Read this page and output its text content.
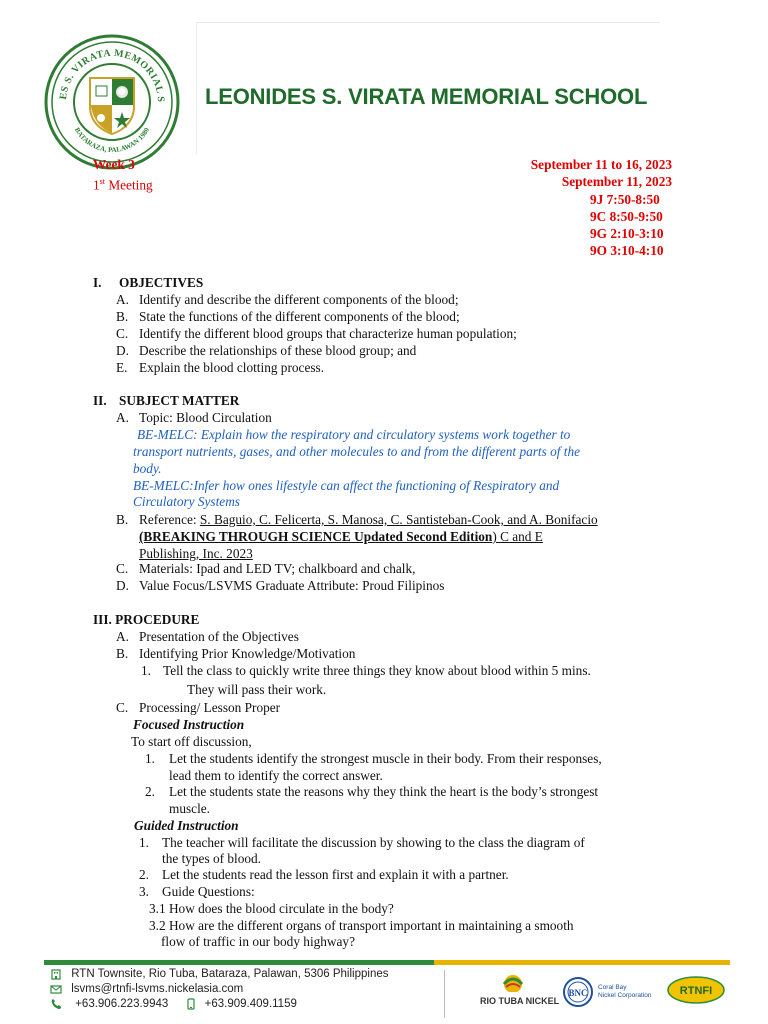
ES S. VIRATA MEMORIAL S
BATARAZA, PALAWAN 1980
LEONIDES S. VIRATA MEMORIAL SCHOOL
Week 3
1st Meeting
September 11 to 16, 2023
September 11, 2023
9J 7:50-8:50
9C 8:50-9:50
9G 2:10-3:10
9O 3:10-4:10
I. OBJECTIVES
A. Identify and describe the different components of the blood;
B. State the functions of the different components of the blood;
C. Identify the different blood groups that characterize human population;
D. Describe the relationships of these blood group; and
E. Explain the blood clotting process.
II. SUBJECT MATTER
A. Topic: Blood Circulation
BE-MELC: Explain how the respiratory and circulatory systems work together to
transport nutrients, gases, and other molecules to and from the different parts of the
body.
BE-MELC:Infer how ones lifestyle can affect the functioning of Respiratory and
Circulatory Systems
B. Reference: S. Baguio, C. Felicerta, S. Manosa, C. Santisteban-Cook, and A. Bonifacio
(BREAKING THROUGH SCIENCE Updated Second Edition) C and E
Publishing, Inc. 2023
C. Materials: Ipad and LED TV; chalkboard and chalk,
D. Value Focus/LSVMS Graduate Attribute: Proud Filipinos
III. PROCEDURE
A. Presentation of the Objectives
B. Identifying Prior Knowledge/Motivation
1. Tell the class to quickly write three things they know about blood within 5 mins.
They will pass their work.
C. Processing/ Lesson Proper
Focused Instruction
To start off discussion,
1. Let the students identify the strongest muscle in their body. From their responses,
lead them to identify the correct answer.
2. Let the students state the reasons why they think the heart is the body’s strongest
muscle.
Guided Instruction
1. The teacher will facilitate the discussion by showing to the class the diagram of
the types of blood.
2. Let the students read the lesson first and explain it with a partner.
3. Guide Questions:
3.1 How does the blood circulate in the body?
3.2 How are the different organs of transport important in maintaining a smooth
flow of traffic in our body highway?
RTN Townsite, Rio Tuba, Bataraza, Palawan, 5306 Philippines
lsvms@rtnfi-lsvms.nickelasia.com
+63.906.223.9943	+63.909.409.1159	RIO TUBA NICKEL
BNC
Coral Bay
Nickel Corporation	RTNFI
